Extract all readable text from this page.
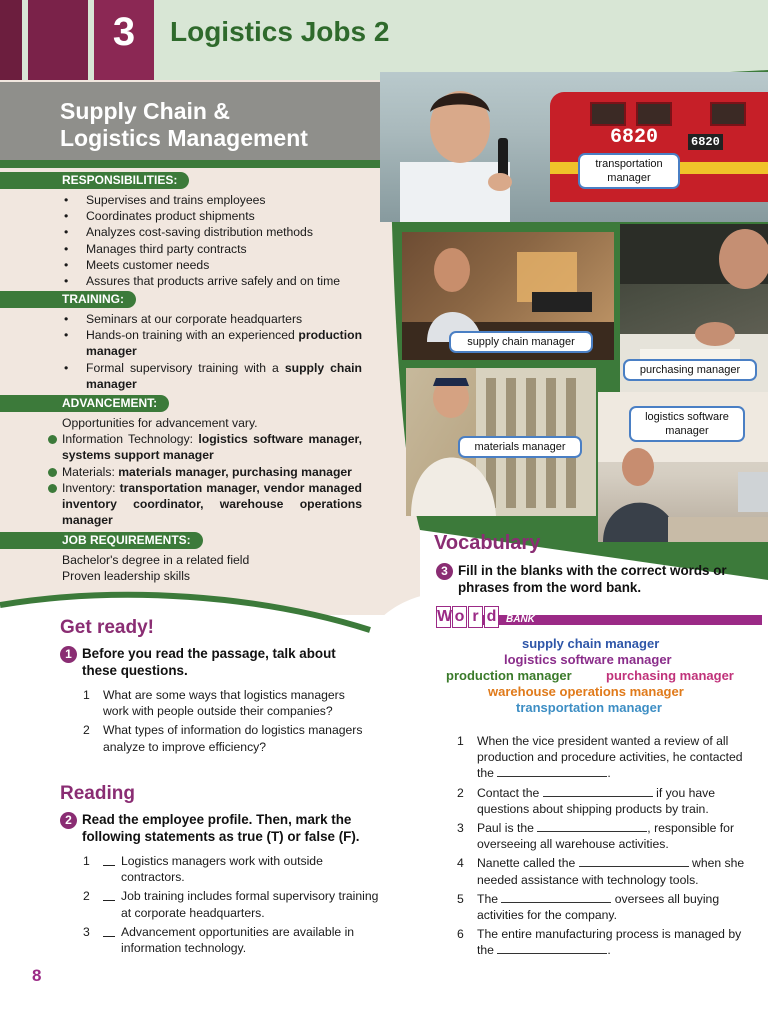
3	Logistics Jobs 2
Supply Chain &
Logistics Management
RESPONSIBILITIES:
• Supervises and trains employees
• Coordinates product shipments
• Analyzes cost-saving distribution methods
• Manages third party contracts
• Meets customer needs
• Assures that products arrive safely and on time
TRAINING:
• Seminars at our corporate headquarters
• Hands-on training with an experienced production manager
• Formal supervisory training with a supply chain manager
ADVANCEMENT:
Opportunities for advancement vary.
Information Technology: logistics software manager, systems support manager
Materials: materials manager, purchasing manager
Inventory: transportation manager, vendor managed inventory coordinator, warehouse operations manager
JOB REQUIREMENTS:
Bachelor's degree in a related field
Proven leadership skills
6820	6820
transportation manager
supply chain manager
purchasing manager
materials manager
logistics software manager
Vocabulary
3 Fill in the blanks with the correct words or phrases from the word bank.
W o r d BANK
supply chain manager
logistics software manager
production manager	purchasing manager
warehouse operations manager
transportation manager
1 When the vice president wanted a review of all production and procedure activities, he contacted the	.
2 Contact the	if you have questions about shipping products by train.
3 Paul is the	, responsible for overseeing all warehouse activities.
4 Nanette called the	when she needed assistance with technology tools.
5 The	oversees all buying activities for the company.
6 The entire manufacturing process is managed by the	.
Get ready!
1 Before you read the passage, talk about these questions.
1 What are some ways that logistics managers work with people outside their companies?
2 What types of information do logistics managers analyze to improve efficiency?
Reading
2 Read the employee profile. Then, mark the following statements as true (T) or false (F).
1	Logistics managers work with outside contractors.
2	Job training includes formal supervisory training at corporate headquarters.
3	Advancement opportunities are available in information technology.
8
